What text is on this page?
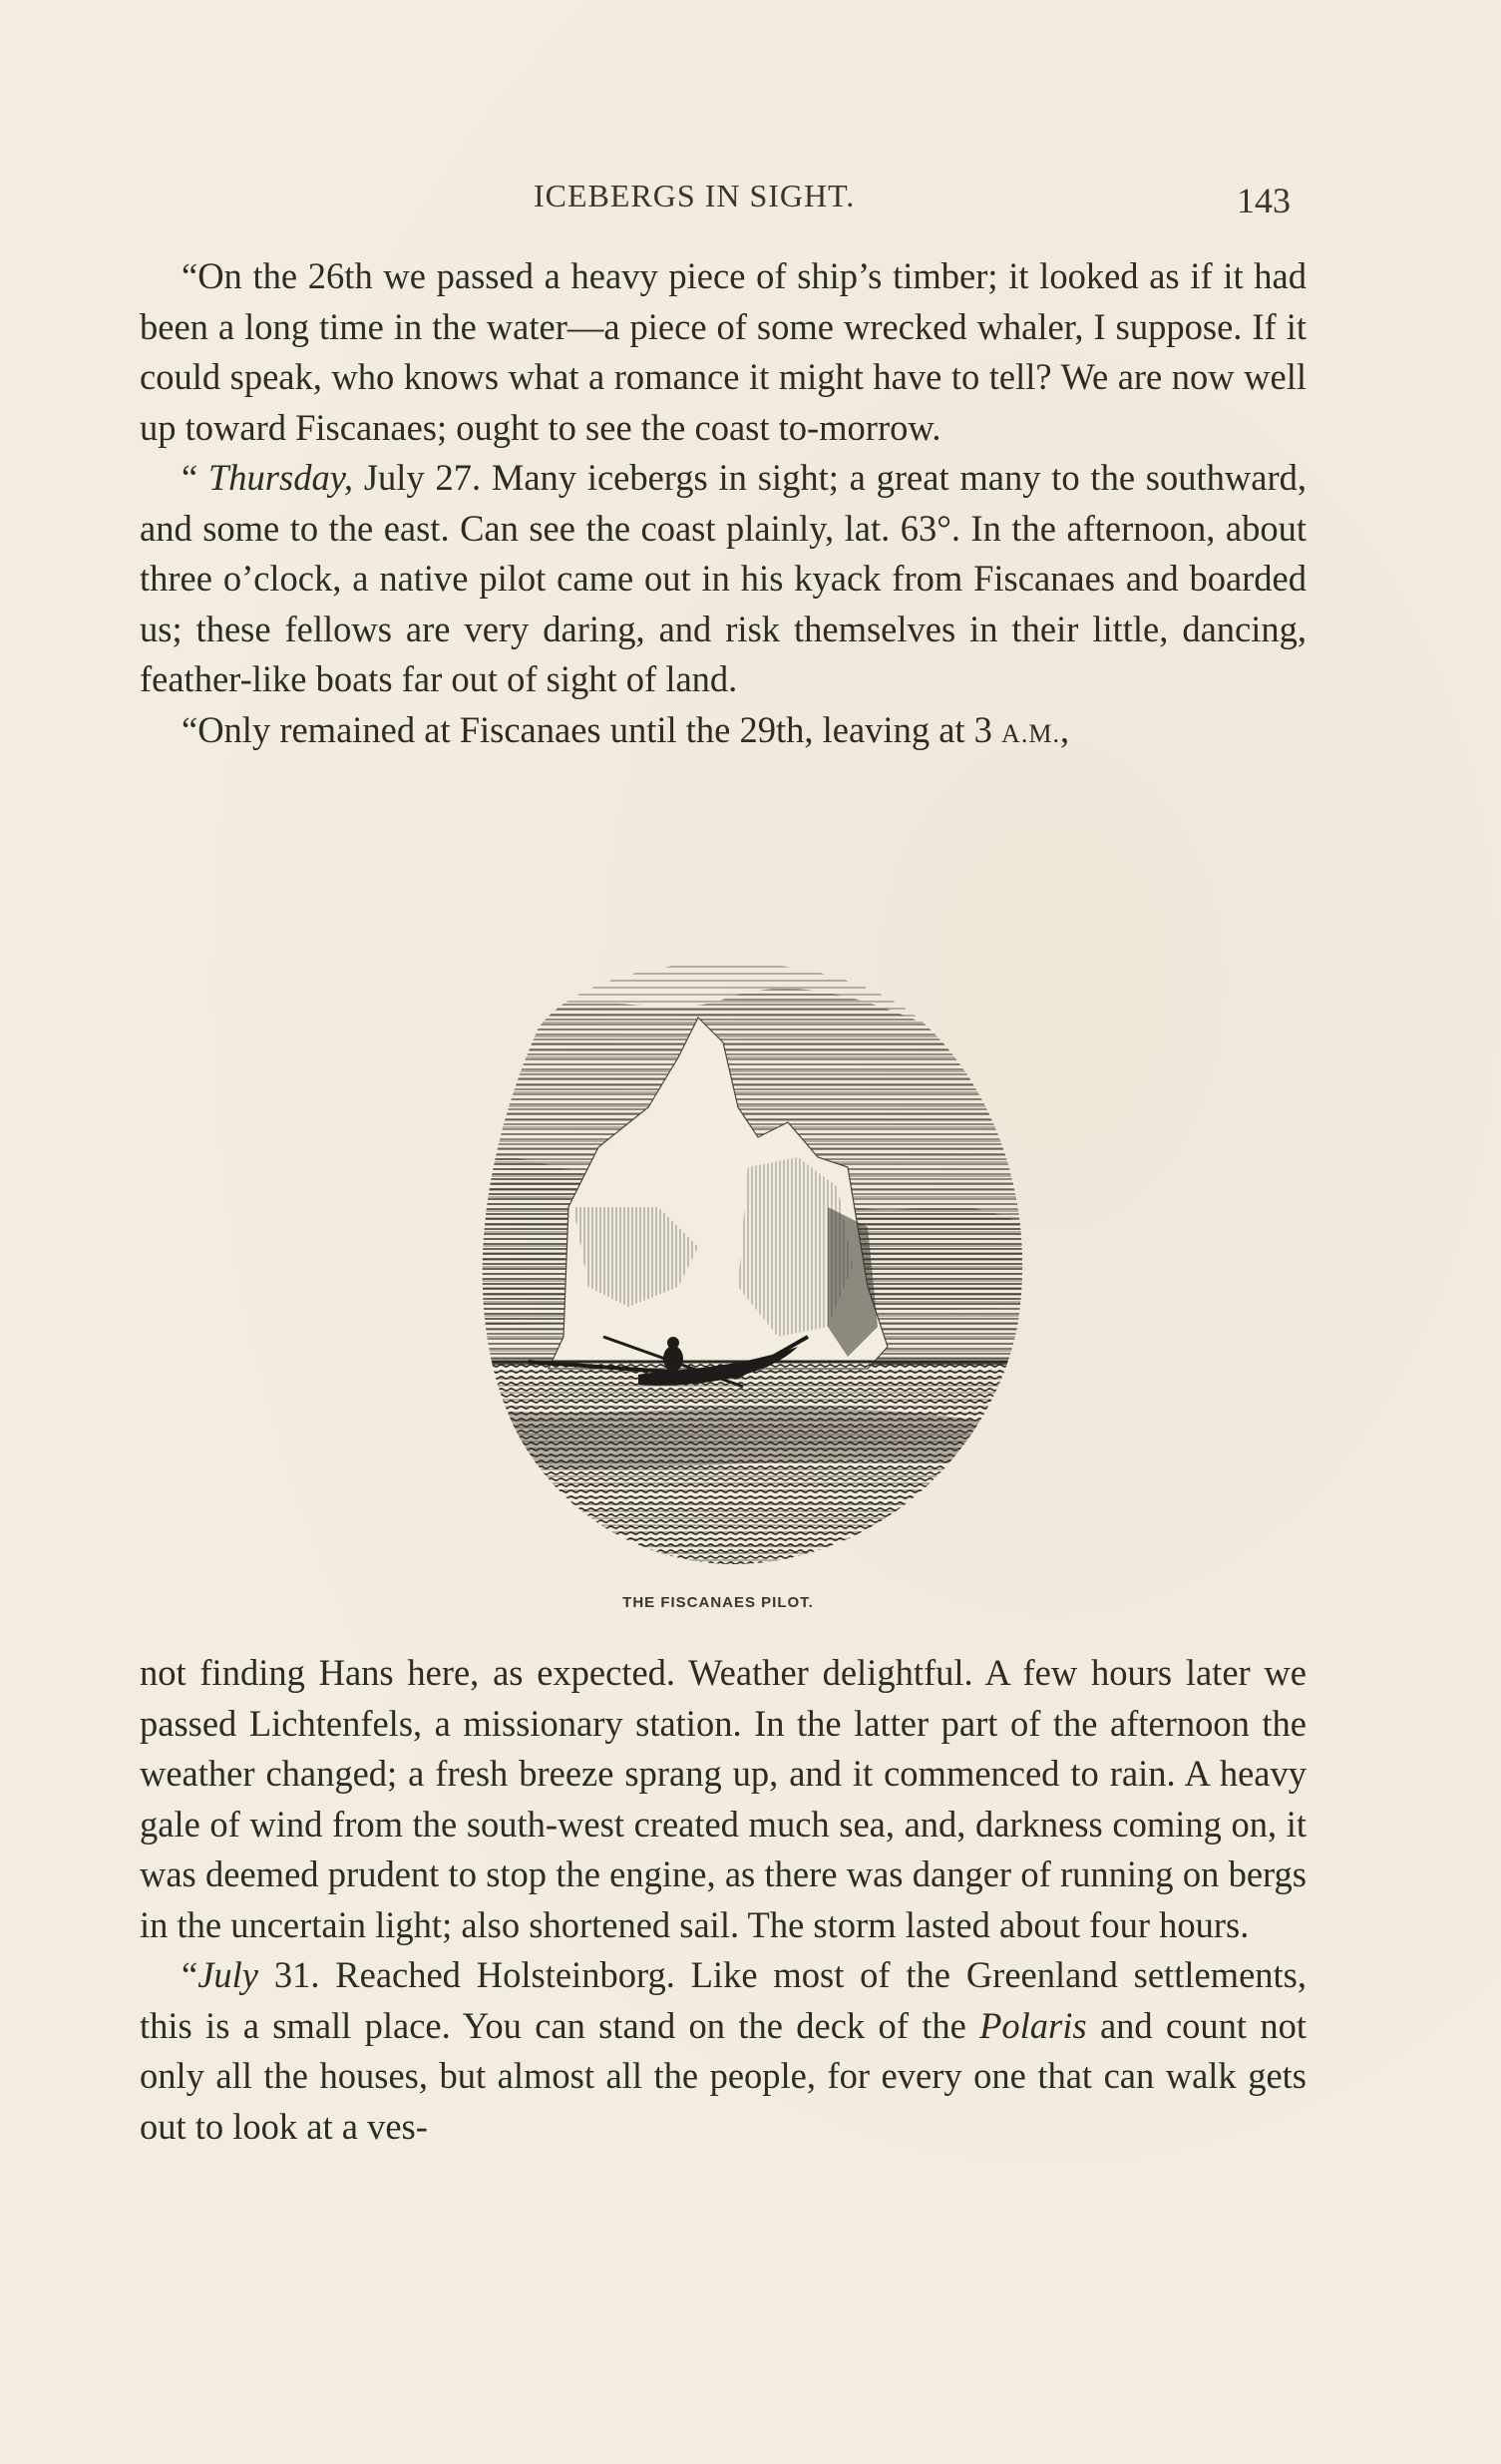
ICEBERGS IN SIGHT.	143

“On the 26th we passed a heavy piece of ship’s timber; it looked as if it had been a long time in the water—a piece of some wrecked whaler, I suppose. If it could speak, who knows what a romance it might have to tell? We are now well up toward Fiscanaes; ought to see the coast to-morrow.

“ Thursday, July 27. Many icebergs in sight; a great many to the southward, and some to the east. Can see the coast plainly, lat. 63°. In the afternoon, about three o’clock, a native pilot came out in his kyack from Fiscanaes and boarded us; these fellows are very daring, and risk themselves in their little, dancing, feather-like boats far out of sight of land.

“Only remained at Fiscanaes until the 29th, leaving at 3 A.M.,

THE FISCANAES PILOT.

not finding Hans here, as expected. Weather delightful. A few hours later we passed Lichtenfels, a missionary station. In the latter part of the afternoon the weather changed; a fresh breeze sprang up, and it commenced to rain. A heavy gale of wind from the south-west created much sea, and, darkness coming on, it was deemed prudent to stop the engine, as there was danger of running on bergs in the uncertain light; also shortened sail. The storm lasted about four hours.

“July 31. Reached Holsteinborg. Like most of the Greenland settlements, this is a small place. You can stand on the deck of the Polaris and count not only all the houses, but almost all the people, for every one that can walk gets out to look at a ves-
